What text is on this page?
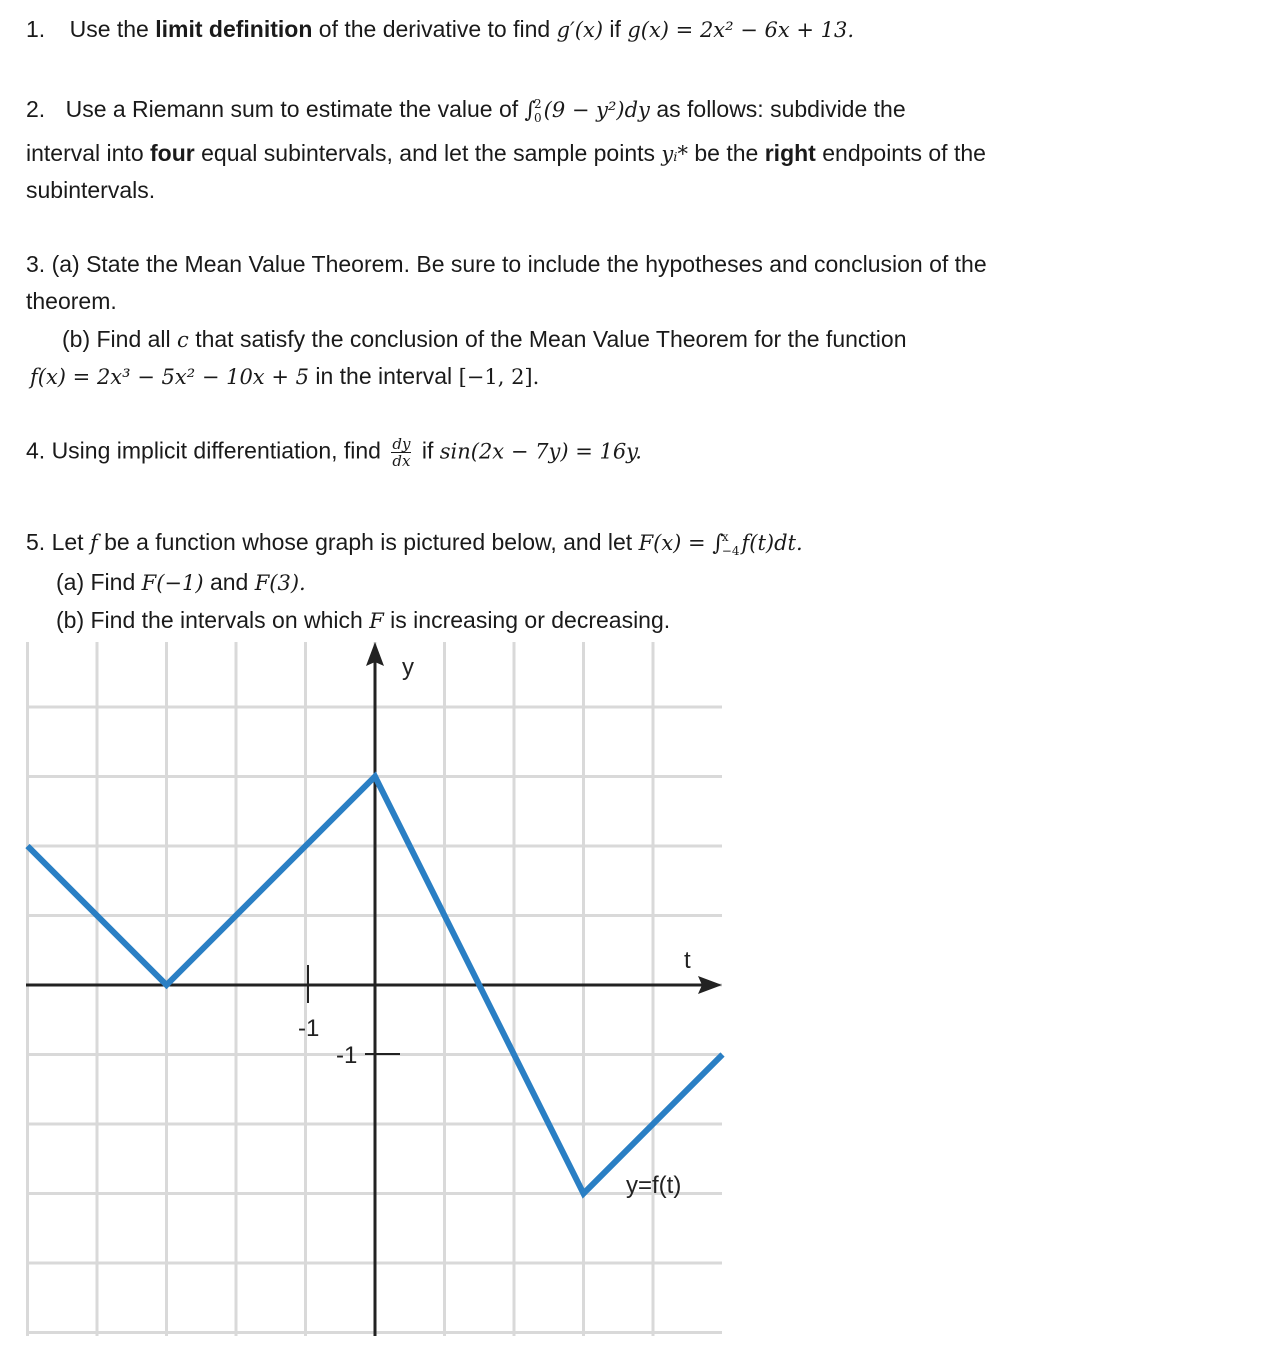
1. Use the limit definition of the derivative to find g′(x) if g(x) = 2x² − 6x + 13.
2. Use a Riemann sum to estimate the value of ∫
2
0 (9 − y²)dy as follows: subdivide the
interval into four equal subintervals, and let the sample points yᵢ* be the right endpoints of the
subintervals.
3. (a) State the Mean Value Theorem. Be sure to include the hypotheses and conclusion of the
theorem.
(b) Find all c that satisfy the conclusion of the Mean Value Theorem for the function
f(x) = 2x³ − 5x² − 10x + 5 in the interval [−1, 2].
4. Using implicit differentiation, find $\frac{dy}{dx}$ if sin(2x − 7y) = 16y.
5. Let f be a function whose graph is pictured below, and let F(x) = ∫
x
−4 f(t)dt.
(a) Find F(−1) and F(3).
(b) Find the intervals on which F is increasing or decreasing.
y
t
-1
-1
y=f(t)
